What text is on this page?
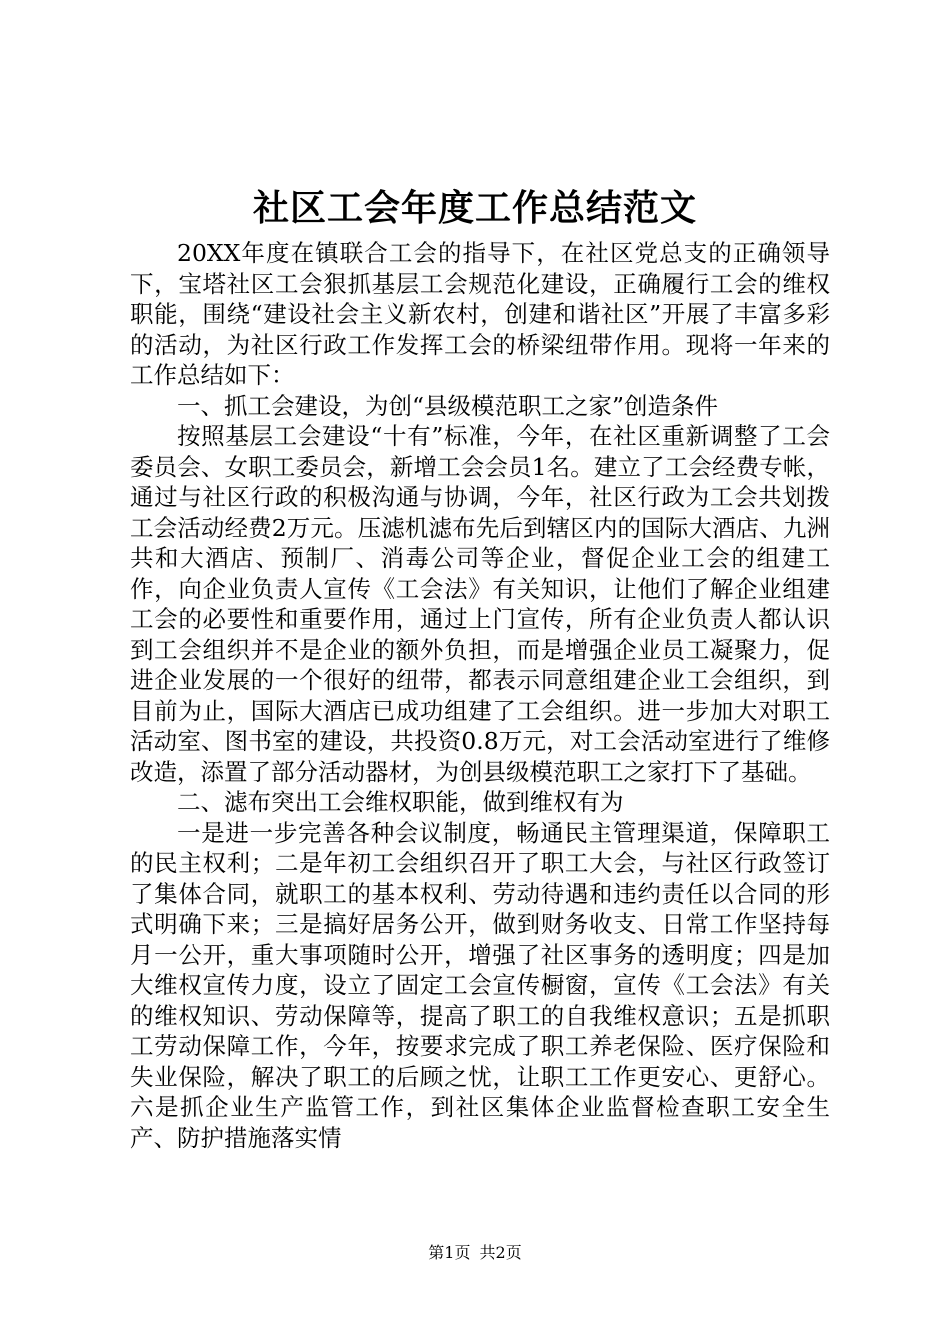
社区工会年度工作总结范文

20XX年度在镇联合工会的指导下，在社区党总支的正确领导下，宝塔社区工会狠抓基层工会规范化建设，正确履行工会的维权职能，围绕“建设社会主义新农村，创建和谐社区”开展了丰富多彩的活动，为社区行政工作发挥工会的桥梁纽带作用。现将一年来的工作总结如下：

一、抓工会建设，为创“县级模范职工之家”创造条件

按照基层工会建设“十有”标准，今年，在社区重新调整了工会委员会、女职工委员会，新增工会会员1名。建立了工会经费专帐，通过与社区行政的积极沟通与协调，今年，社区行政为工会共划拨工会活动经费2万元。压滤机滤布先后到辖区内的国际大酒店、九洲共和大酒店、预制厂、消毒公司等企业，督促企业工会的组建工作，向企业负责人宣传《工会法》有关知识，让他们了解企业组建工会的必要性和重要作用，通过上门宣传，所有企业负责人都认识到工会组织并不是企业的额外负担，而是增强企业员工凝聚力，促进企业发展的一个很好的纽带，都表示同意组建企业工会组织，到目前为止，国际大酒店已成功组建了工会组织。进一步加大对职工活动室、图书室的建设，共投资0.8万元，对工会活动室进行了维修改造，添置了部分活动器材，为创县级模范职工之家打下了基础。

二、滤布突出工会维权职能，做到维权有为

一是进一步完善各种会议制度，畅通民主管理渠道，保障职工的民主权利；二是年初工会组织召开了职工大会，与社区行政签订了集体合同，就职工的基本权利、劳动待遇和违约责任以合同的形式明确下来；三是搞好居务公开，做到财务收支、日常工作坚持每月一公开，重大事项随时公开，增强了社区事务的透明度；四是加大维权宣传力度，设立了固定工会宣传橱窗，宣传《工会法》有关的维权知识、劳动保障等，提高了职工的自我维权意识；五是抓职工劳动保障工作，今年，按要求完成了职工养老保险、医疗保险和失业保险，解决了职工的后顾之忧，让职工工作更安心、更舒心。六是抓企业生产监管工作，到社区集体企业监督检查职工安全生产、防护措施落实情

第1页 共2页
